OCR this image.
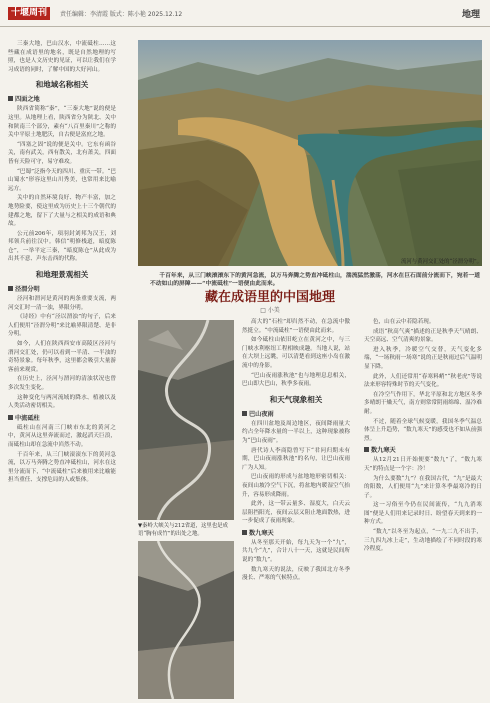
十堰周刊	责任编辑：李清霞 版式：陈小艳 2025.12.12	地理

三秦大地，巴山汉水，中流砥柱……这些藏在成语里的地名，既是自然地理的写照，也是人文历史的见证，可以让我们在学习成语的同时，了解中国的大好河山。

和地域名称相关
四面之地

陕西省简称“秦”，“三秦大地”说的便是这里。从地理上看，陕西省分为陕北、关中和陕南三个部分，素有“八百里秦川”之称的关中平原土地肥沃，自古便是富庶之地。

“四塞之固”说的便是关中。它东有函谷关，南有武关，西有散关，北有萧关，四面皆有天险可守，易守难攻。

“巴蜀”泛指今天的四川、重庆一带。“巴山蜀水”形容这里山川秀美，也常用来比喻远方。

关中的自然环境良好、物产丰富，加之地势险要，使这里成为历史上十三个朝代的建都之地，留下了大量与之相关的成语和典故。

公元前206年，项羽封刘邦为汉王，刘邦领兵前往汉中。韩信“明修栈道，暗度陈仓”，一举平定三秦，“暗度陈仓”从此成为出其不意、声东击西的代称。

和地理景观相关
泾渭分明

泾河和渭河是黄河的两条重要支流，两河交汇时一清一浊，界限分明。

《诗经》中有“泾以渭浊”的句子，后来人们便用“泾渭分明”来比喻界限清楚、是非分明。

如今，人们在陕西西安市高陵区泾河与渭河交汇处，仍可以看到一半清、一半浊的奇特景象。每年秋季，这里都会吸引大量游客前来观赏。

在历史上，泾河与渭河的清浊状况也曾多次发生变化。

这种变化与两河流域的降水、植被以及人类活动密切相关。

中流砥柱

砥柱山在河南三门峡市东北的黄河之中，黄河从这里奔流而过，激起滔天巨浪，而砥柱山却在急流中岿然不动。

千百年来，从三门峡滚滚东下的黄河急流，以万马奔腾之势直冲砥柱山，河水在这里分流而下，“中流砥柱”后来被用来比喻能担当重任、支撑危局的人或集体。

流河与黄河交汇处的“泾渭分明”。

千百年来，从三门峡滚滚东下的黄河急流，以万马奔腾之势直冲砥柱山，湍流猛然激荡，河水在巨石面前分流而下，宛若一道不动如山的屏障——“中流砥柱”一语便由此而来。

藏在成语里的中国地理
□ 小美
▼秦岭大峡关与212省道，这里也是成语“胸有成竹”的出处之地。

高大的“石柱”却岿然不动，在急流中傲然挺立。“中流砥柱”一语便由此而来。

如今砥柱山依旧屹立在黄河之中，与三门峡水利枢纽工程相映成趣。当地人说，站在大坝上远眺，可以清楚看到这座小岛在激流中的身影。

“巴山夜雨涨秋池”也与地理息息相关，巴山即大巴山，秋季多夜雨。

和天气现象相关
巴山夜雨

在四川盆地及周边地区，夜间降雨量大约占全年降水量的一半以上，这种现象被称为“巴山夜雨”。

唐代诗人李商隐曾写下“君问归期未有期，巴山夜雨涨秋池”的名句，让巴山夜雨广为人知。

巴山夜雨的形成与盆地地形密切相关：夜间山坡冷空气下沉，将盆地内暖湿空气抬升，容易形成降雨。

此外，这一带云量多、湿度大，白天云层阻挡阳光，夜间云层又阻止地面散热，进一步促成了夜雨现象。

数九寒天

从冬至那天开始，每九天为一个“九”，共九个“九”，合计八十一天，这就是民间所说的“数九”。

数九寒天的说法，反映了我国北方冬季漫长、严寒的气候特点。

色，山在云中若隐若现。

成语“秋高气爽”描述的正是秋季天气晴朗、天空高远、空气清爽的景象。

进入秋季，冷暖空气交替，天气变化多端，“一场秋雨一场寒”说的正是秋雨过后气温明显下降。

此外，人们还常用“春寒料峭”“秋老虎”等说法来形容特殊时节的天气变化。

在冷空气作用下，华北平原和北方地区冬季多晴朗干燥天气，南方则常常阴雨绵绵、湿冷难耐。

不过，随着全球气候变暖，我国冬季气温总体呈上升趋势，“数九寒天”的感受也不如从前强烈。

数九寒天

从12月21日开始便要“数九”了，“数九寒天”的特点是一个字：冷！

为什么要数“九”？在我国古代，“九”是最大的阳数，人们便用“九”来计算冬季最寒冷的日子。

这一习俗至今仍在民间流传，“九九消寒图”便是人们用来记录时日、盼望春天到来的一种方式。

“数九”以冬至为起点，“一九二九不出手，三九四九冰上走”，生动地描绘了不同时段的寒冷程度。
